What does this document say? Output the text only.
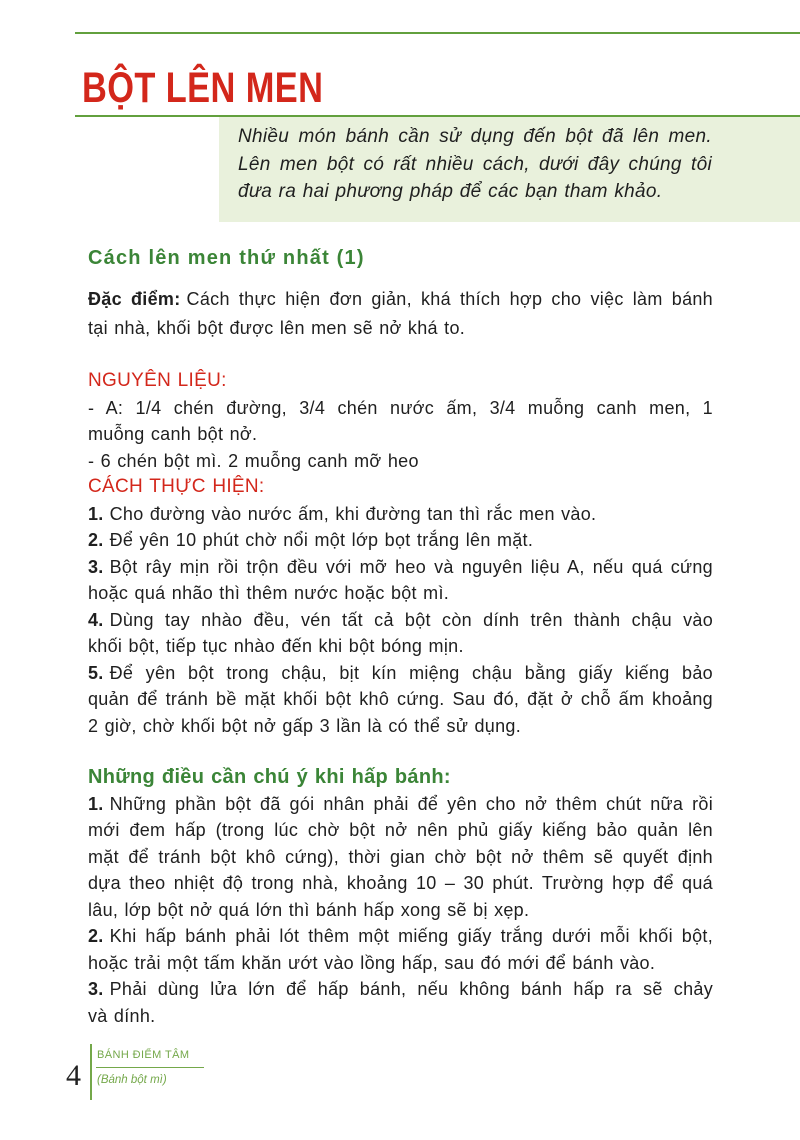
BỘT LÊN MEN
Nhiều món bánh cần sử dụng đến bột đã lên men.
Lên men bột có rất nhiều cách, dưới đây chúng tôi
đưa ra hai phương pháp để các bạn tham khảo.
Cách lên men thứ nhất (1)
Đặc điểm: Cách thực hiện đơn giản, khá thích hợp cho việc làm bánh
tại nhà, khối bột được lên men sẽ nở khá to.
NGUYÊN LIỆU:
- A: 1/4 chén đường, 3/4 chén nước ấm, 3/4 muỗng canh men, 1
muỗng canh bột nở.
- 6 chén bột mì. 2 muỗng canh mỡ heo
CÁCH THỰC HIỆN:
1. Cho đường vào nước ấm, khi đường tan thì rắc men vào.
2. Để yên 10 phút chờ nổi một lớp bọt trắng lên mặt.
3. Bột rây mịn rồi trộn đều với mỡ heo và nguyên liệu A, nếu quá cứng
hoặc quá nhão thì thêm nước hoặc bột mì.
4. Dùng tay nhào đều, vén tất cả bột còn dính trên thành chậu vào
khối bột, tiếp tục nhào đến khi bột bóng mịn.
5. Để yên bột trong chậu, bịt kín miệng chậu bằng giấy kiếng bảo
quản để tránh bề mặt khối bột khô cứng. Sau đó, đặt ở chỗ ấm khoảng
2 giờ, chờ khối bột nở gấp 3 lần là có thể sử dụng.
Những điều cần chú ý khi hấp bánh:
1. Những phần bột đã gói nhân phải để yên cho nở thêm chút nữa rồi
mới đem hấp (trong lúc chờ bột nở nên phủ giấy kiếng bảo quản lên
mặt để tránh bột khô cứng), thời gian chờ bột nở thêm sẽ quyết định
dựa theo nhiệt độ trong nhà, khoảng 10 – 30 phút. Trường hợp để quá
lâu, lớp bột nở quá lớn thì bánh hấp xong sẽ bị xẹp.
2. Khi hấp bánh phải lót thêm một miếng giấy trắng dưới mỗi khối bột,
hoặc trải một tấm khăn ướt vào lồng hấp, sau đó mới để bánh vào.
3. Phải dùng lửa lớn để hấp bánh, nếu không bánh hấp ra sẽ chảy
và dính.
4
BÁNH ĐIỂM TÂM
(Bánh bột mì)
